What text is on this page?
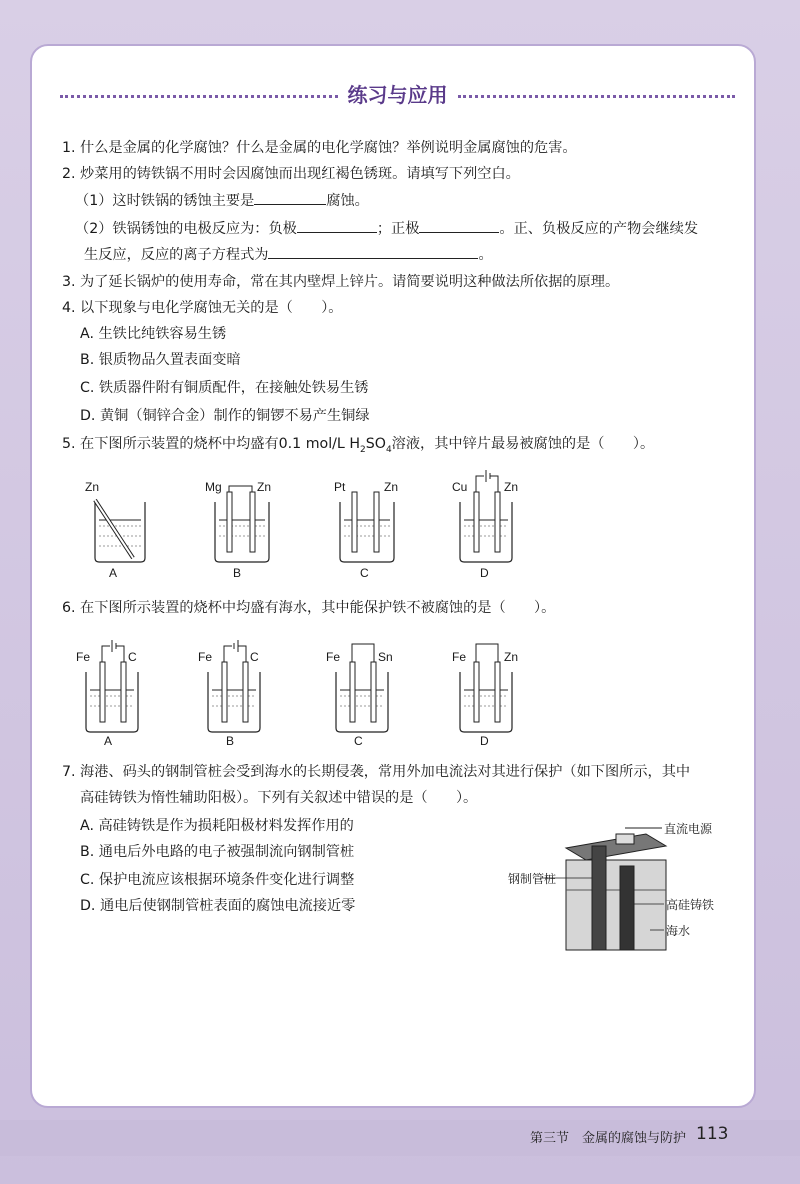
练习与应用
1. 什么是金属的化学腐蚀？什么是金属的电化学腐蚀？举例说明金属腐蚀的危害。
2. 炒菜用的铸铁锅不用时会因腐蚀而出现红褐色锈斑。请填写下列空白。
（1）这时铁锅的锈蚀主要是	腐蚀。
（2）铁锅锈蚀的电极反应为：负极	；正极	。正、负极反应的产物会继续发
生反应，反应的离子方程式为	。
3. 为了延长锅炉的使用寿命，常在其内壁焊上锌片。请简要说明这种做法所依据的原理。
4. 以下现象与电化学腐蚀无关的是（　　）。
A. 生铁比纯铁容易生锈
B. 银质物品久置表面变暗
C. 铁质器件附有铜质配件，在接触处铁易生锈
D. 黄铜（铜锌合金）制作的铜锣不易产生铜绿
5. 在下图所示装置的烧杯中均盛有0.1 mol/L $H_2SO_4$溶液，其中锌片最易被腐蚀的是（　　）。
Zn
A
Mg	Zn
B
Pt	Zn
C
Cu	Zn
D
6. 在下图所示装置的烧杯中均盛有海水，其中能保护铁不被腐蚀的是（　　）。
Fe	C
A
Fe	C
B
Fe	Sn
C
Fe	Zn
D
7. 海港、码头的钢制管桩会受到海水的长期侵袭，常用外加电流法对其进行保护（如下图所示，其中
高硅铸铁为惰性辅助阳极）。下列有关叙述中错误的是（　　）。
A. 高硅铸铁是作为损耗阳极材料发挥作用的
B. 通电后外电路的电子被强制流向钢制管桩
C. 保护电流应该根据环境条件变化进行调整
D. 通电后使钢制管桩表面的腐蚀电流接近零
直流电源
钢制管桩
高硅铸铁
海水
第三节　金属的腐蚀与防护 113
